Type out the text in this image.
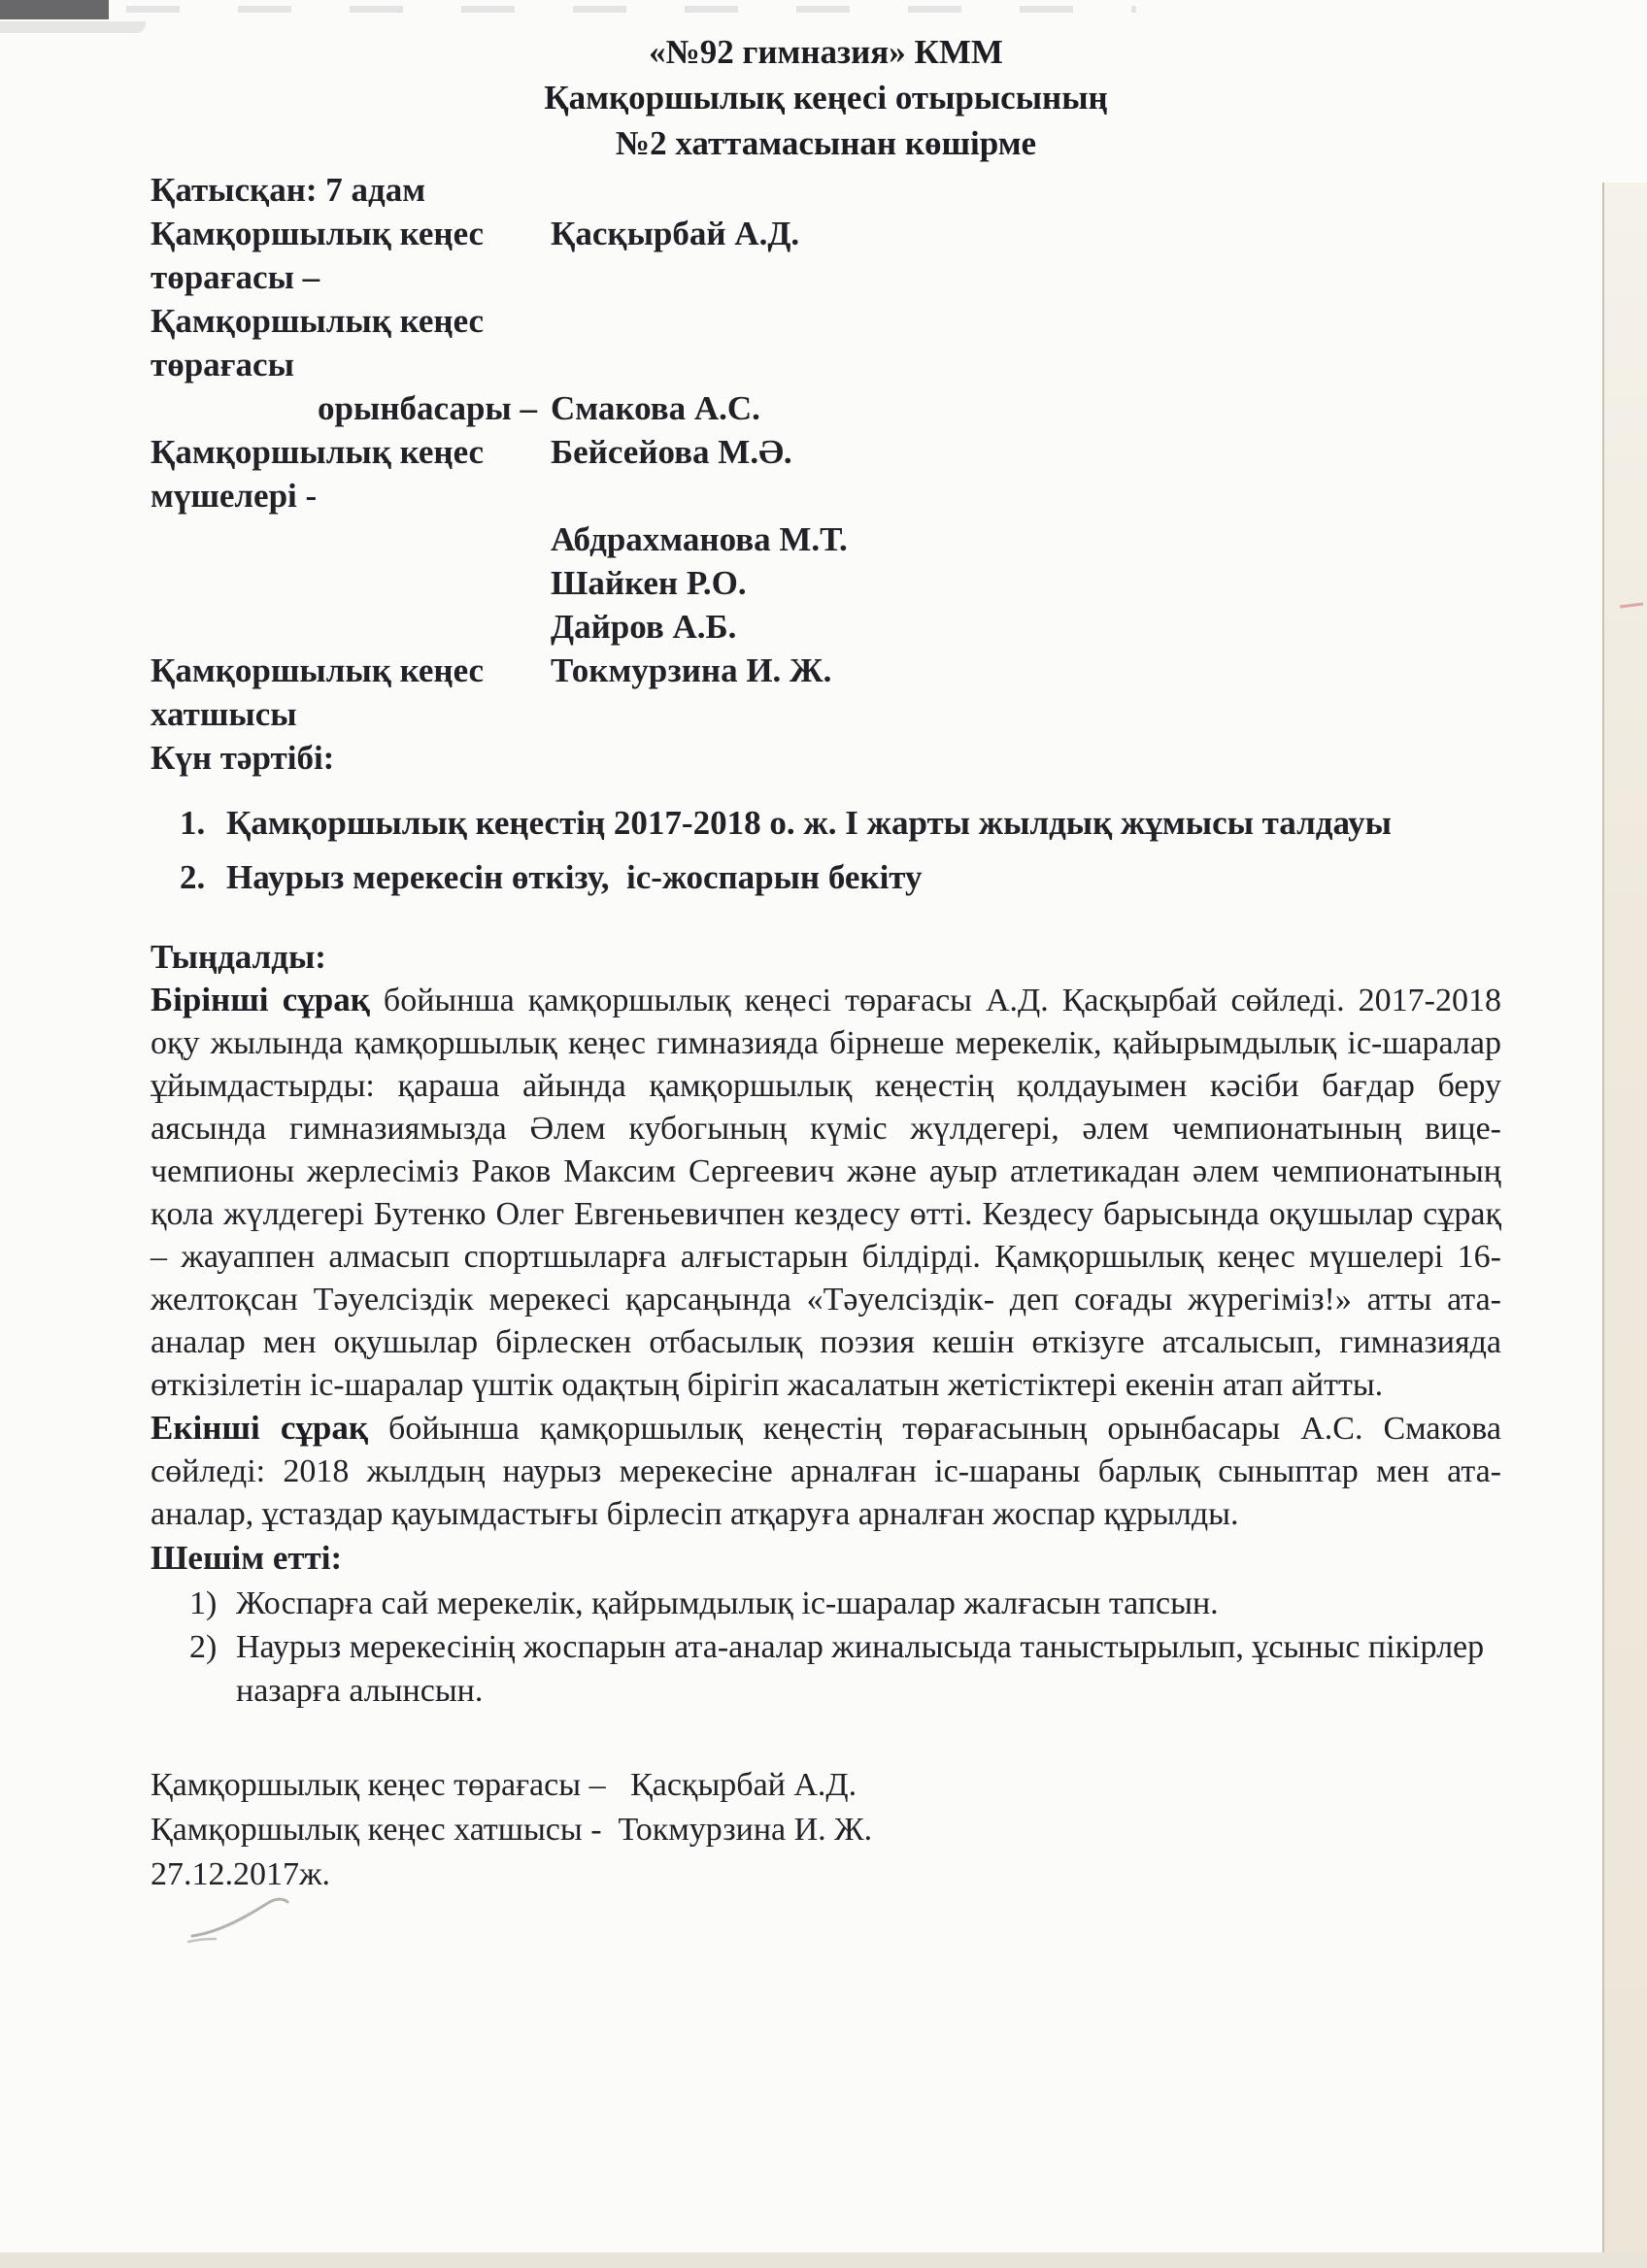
«№92 гимназия» КММ
Қамқоршылық кеңесі отырысының
№2 хаттамасынан көшірме
Қатысқан: 7 адам
Қамқоршылық кеңес төрағасы –
Қасқырбай А.Д.
Қамқоршылық кеңес төрағасы
орынбасары – Смакова А.С.
Қамқоршылық кеңес мүшелері -
Бейсейова М.Ә.
Абдрахманова М.Т.
Шайкен Р.О.
Дайров А.Б.
Қамқоршылық кеңес хатшысы
Токмурзина И. Ж.
Күн тәртібі:
1. Қамқоршылық кеңестің 2017-2018 о. ж. I жарты жылдық жұмысы талдауы
2. Наурыз мерекесін өткізу,  іс-жоспарын бекіту
Тыңдалды:

Бірінші сұрақ бойынша қамқоршылық кеңесі төрағасы А.Д. Қасқырбай сөйледі. 2017-2018 оқу жылында қамқоршылық кеңес гимназияда бірнеше мерекелік, қайырымдылық іс-шаралар ұйымдастырды: қараша айында қамқоршылық кеңестің қолдауымен кәсіби бағдар беру аясында гимназиямызда Әлем кубогының күміс жүлдегері, әлем чемпионатының вице-чемпионы жерлесіміз Раков Максим Сергеевич және ауыр атлетикадан әлем чемпионатының қола жүлдегері Бутенко Олег Евгеньевичпен кездесу өтті. Кездесу барысында оқушылар сұрақ – жауаппен алмасып спортшыларға алғыстарын білдірді. Қамқоршылық кеңес мүшелері 16-желтоқсан Тәуелсіздік мерекесі қарсаңында «Тәуелсіздік- деп соғады жүрегіміз!» атты ата-аналар мен оқушылар бірлескен отбасылық поэзия кешін өткізуге атсалысып, гимназияда өткізілетін іс-шаралар үштік одақтың бірігіп жасалатын жетістіктері екенін атап айтты.

Екінші сұрақ бойынша қамқоршылық кеңестің төрағасының орынбасары А.С. Смакова сөйледі: 2018 жылдың наурыз мерекесіне арналған іс-шараны барлық сыныптар мен ата-аналар, ұстаздар қауымдастығы бірлесіп атқаруға арналған жоспар құрылды.

Шешім етті:
1) Жоспарға сай мерекелік, қайрымдылық іс-шаралар жалғасын тапсын.
2) Наурыз мерекесінің жоспарын ата-аналар жиналысыда таныстырылып, ұсыныс пікірлер назарға алынсын.
Қамқоршылық кеңес төрағасы –   Қасқырбай А.Д.
Қамқоршылық кеңес хатшысы -  Токмурзина И. Ж.
27.12.2017ж.
